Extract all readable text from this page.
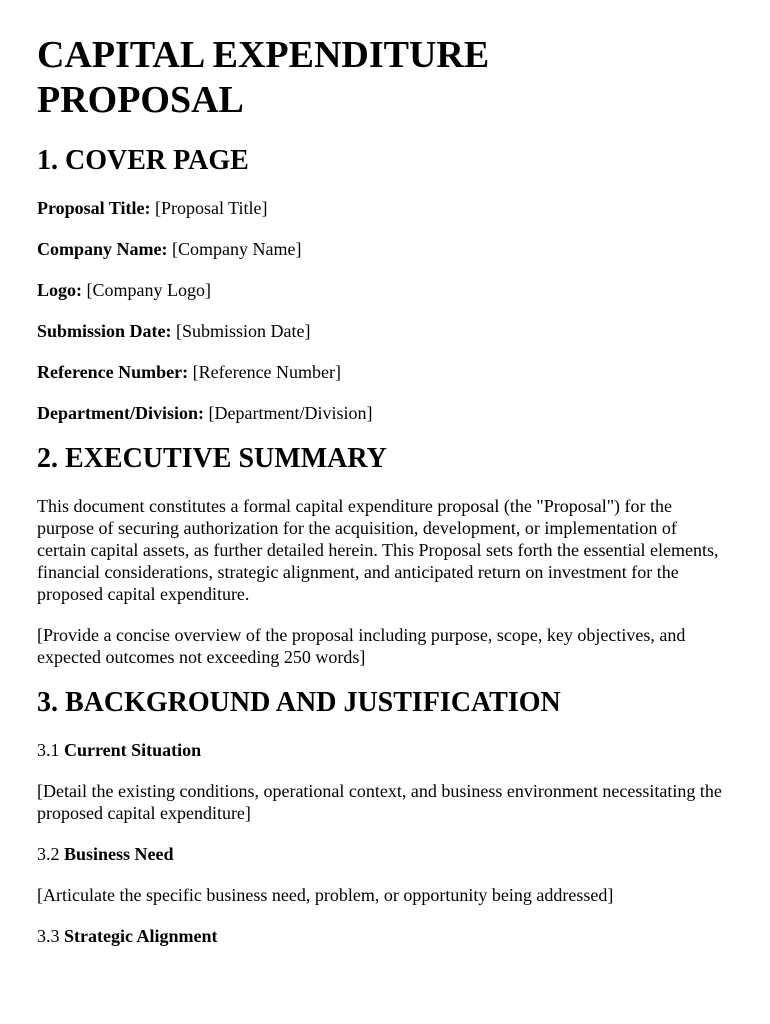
CAPITAL EXPENDITURE
PROPOSAL
1. COVER PAGE
Proposal Title: [Proposal Title]
Company Name: [Company Name]
Logo: [Company Logo]
Submission Date: [Submission Date]
Reference Number: [Reference Number]
Department/Division: [Department/Division]
2. EXECUTIVE SUMMARY

This document constitutes a formal capital expenditure proposal (the "Proposal") for the purpose of securing authorization for the acquisition, development, or implementation of certain capital assets, as further detailed herein. This Proposal sets forth the essential elements, financial considerations, strategic alignment, and anticipated return on investment for the proposed capital expenditure.

[Provide a concise overview of the proposal including purpose, scope, key objectives, and expected outcomes not exceeding 250 words]

3. BACKGROUND AND JUSTIFICATION
3.1 Current Situation

[Detail the existing conditions, operational context, and business environment necessitating the proposed capital expenditure]

3.2 Business Need

[Articulate the specific business need, problem, or opportunity being addressed]

3.3 Strategic Alignment
